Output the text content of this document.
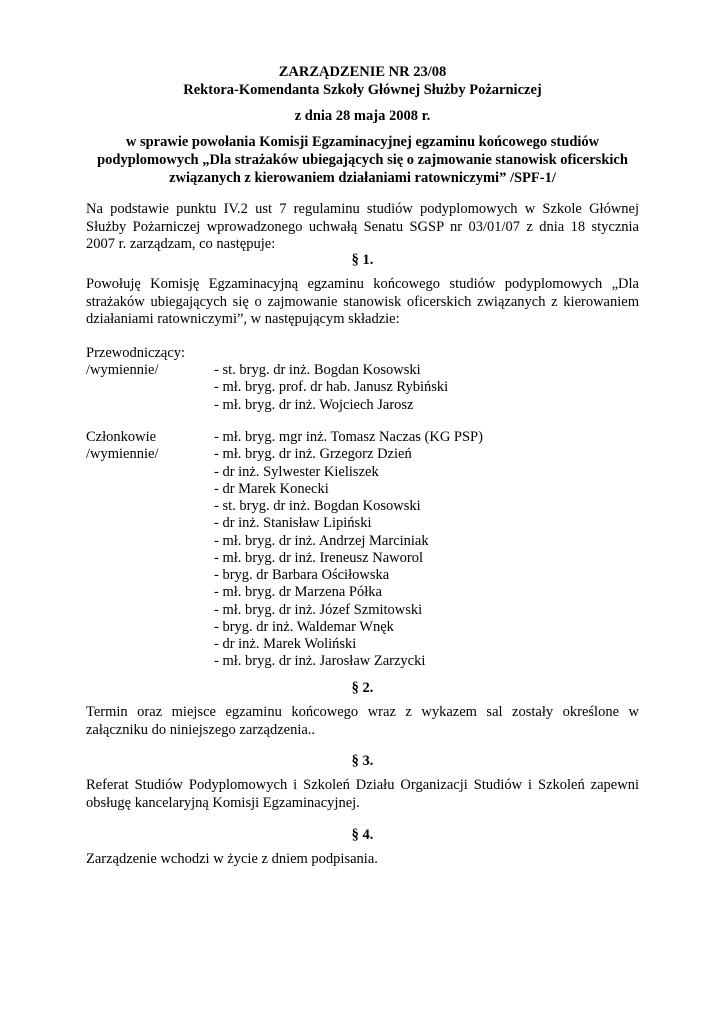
ZARZĄDZENIE NR 23/08
Rektora-Komendanta Szkoły Głównej Służby Pożarniczej
z dnia 28 maja 2008 r.
w sprawie powołania Komisji Egzaminacyjnej egzaminu końcowego studiów
podyplomowych „Dla strażaków ubiegających się o zajmowanie stanowisk oficerskich
związanych z kierowaniem działaniami ratowniczymi” /SPF-1/
Na podstawie punktu IV.2 ust 7 regulaminu studiów podyplomowych w Szkole Głównej Służby Pożarniczej wprowadzonego uchwałą Senatu SGSP nr 03/01/07 z dnia 18 stycznia 2007 r. zarządzam, co następuje:
§ 1.
Powołuję Komisję Egzaminacyjną egzaminu końcowego studiów podyplomowych „Dla strażaków ubiegających się o zajmowanie stanowisk oficerskich związanych z kierowaniem działaniami ratowniczymi”, w następującym składzie:
Przewodniczący:
/wymiennie/	- st. bryg. dr inż. Bogdan Kosowski
- mł. bryg. prof. dr hab. Janusz Rybiński
- mł. bryg. dr inż. Wojciech Jarosz
Członkowie
/wymiennie/
- mł. bryg. mgr inż. Tomasz Naczas (KG PSP)
- mł. bryg. dr inż. Grzegorz Dzień
- dr inż. Sylwester Kieliszek
- dr Marek Konecki
- st. bryg. dr inż. Bogdan Kosowski
- dr inż. Stanisław Lipiński
- mł. bryg. dr inż. Andrzej Marciniak
- mł. bryg. dr inż. Ireneusz Naworol
- bryg. dr Barbara Ościłowska
- mł. bryg. dr Marzena Półka
- mł. bryg. dr inż. Józef Szmitowski
- bryg. dr inż. Waldemar Wnęk
- dr inż. Marek Woliński
- mł. bryg. dr inż. Jarosław Zarzycki
§ 2.
Termin oraz miejsce egzaminu końcowego wraz z wykazem sal zostały określone w załączniku do niniejszego zarządzenia..
§ 3.
Referat Studiów Podyplomowych i Szkoleń Działu Organizacji Studiów i Szkoleń zapewni obsługę kancelaryjną Komisji Egzaminacyjnej.
§ 4.
Zarządzenie wchodzi w życie z dniem podpisania.
